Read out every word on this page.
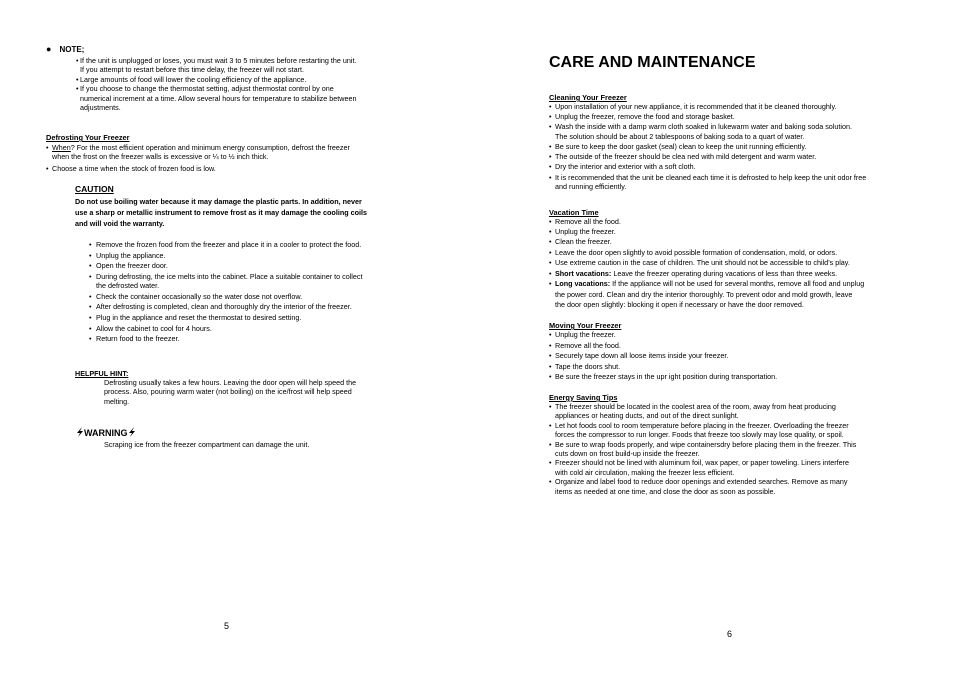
● NOTE;
•If the unit is unplugged or loses, you must wait 3 to 5 minutes before restarting the unit.
If you attempt to restart before this time delay, the freezer will not start.
•Large amounts of food will lower the cooling efficiency of the appliance.
•If you choose to change the thermostat setting, adjust thermostat control by one
numerical increment at a time. Allow several hours for temperature to stabilize between
adjustments.
Defrosting Your Freezer
• When? For the most efficient operation and minimum energy consumption, defrost the freezer
when the frost on the freezer walls is excessive or ¼ to ½ inch thick.
• Choose a time when the stock of frozen food is low.
CAUTION
Do not use boiling water because it may damage the plastic parts. In addition, never
use a sharp or metallic instrument to remove frost as it may damage the cooling coils
and will void the warranty.
• Remove the frozen food from the freezer and place it in a cooler to protect the food.
• Unplug the appliance.
• Open the freezer door.
• During defrosting, the ice melts into the cabinet. Place a suitable container to collect
the defrosted water.
• Check the container occasionally so the water dose not overflow.
• After defrosting is completed, clean and thoroughly dry the interior of the freezer.
• Plug in the appliance and reset the thermostat to desired setting.
• Allow the cabinet to cool for 4 hours.
• Return food to the freezer.
HELPFUL HINT:
Defrosting usually takes a few hours. Leaving the door open will help speed the
process. Also, pouring warm water (not boiling) on the ice/frost will help speed
melting.
WARNING
Scraping ice from the freezer compartment can damage the unit.
5
CARE AND MAINTENANCE
Cleaning Your Freezer
• Upon installation of your new appliance, it is recommended that it be cleaned thoroughly.
• Unplug the freezer, remove the food and storage basket.
• Wash the inside with a damp warm cloth soaked in lukewarm water and baking soda solution.
The solution should be about 2 tablespoons of baking soda to a quart of water.
• Be sure to keep the door gasket (seal) clean to keep the unit running efficiently.
• The outside of the freezer should be clea ned with mild detergent and warm water.
• Dry the interior and exterior with a soft cloth.
• It is recommended that the unit be cleaned each time it is defrosted to help keep the unit odor free
and running efficiently.
Vacation Time
• Remove all the food.
• Unplug the freezer.
• Clean the freezer.
• Leave the door open slightly to avoid possible formation of condensation, mold, or odors.
• Use extreme caution in the case of children. The unit should not be accessible to child’s play.
• Short vacations: Leave the freezer operating during vacations of less than three weeks.
• Long vacations: If the appliance will not be used for several months, remove all food and unplug
the power cord. Clean and dry the interior thoroughly. To prevent odor and mold growth, leave
the door open slightly: blocking it open if necessary or have the door removed.
Moving Your Freezer
• Unplug the freezer.
• Remove all the food.
• Securely tape down all loose items inside your freezer.
• Tape the doors shut.
• Be sure the freezer stays in the upr ight position during transportation.
Energy Saving Tips
• The freezer should be located in the coolest area of the room, away from heat producing
appliances or heating ducts, and out of the direct sunlight.
• Let hot foods cool to room temperature before placing in the freezer. Overloading the freezer
forces the compressor to run longer. Foods that freeze too slowly may lose quality, or spoil.
• Be sure to wrap foods properly, and wipe containersdry before placing them in the freezer. This
cuts down on frost build-up inside the freezer.
• Freezer should not be lined with aluminum foil, wax paper, or paper toweling. Liners interfere
with cold air circulation, making the freezer less efficient.
• Organize and label food to reduce door openings and extended searches. Remove as many
items as needed at one time, and close the door as soon as possible.
6
